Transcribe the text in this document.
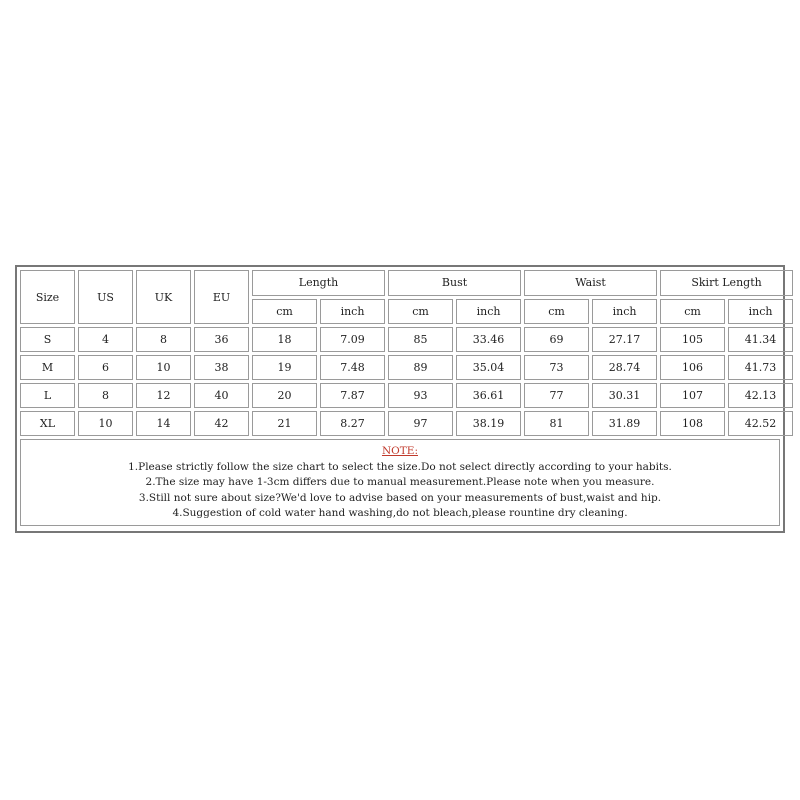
Size	US	UK	EU	Length		Bust		Waist		Skirt Length	
				cm	inch	cm	inch	cm	inch	cm	inch
S	4	8	36	18	7.09	85	33.46	69	27.17	105	41.34
M	6	10	38	19	7.48	89	35.04	73	28.74	106	41.73
L	8	12	40	20	7.87	93	36.61	77	30.31	107	42.13
XL	10	14	42	21	8.27	97	38.19	81	31.89	108	42.52
NOTE:
1.Please strictly follow the size chart to select the size.Do not select directly according to your habits.
2.The size may have 1-3cm differs due to manual measurement.Please note when you measure.
3.Still not sure about size?We'd love to advise based on your measurements of bust,waist and hip.
4.Suggestion of cold water hand washing,do not bleach,please rountine dry cleaning.
